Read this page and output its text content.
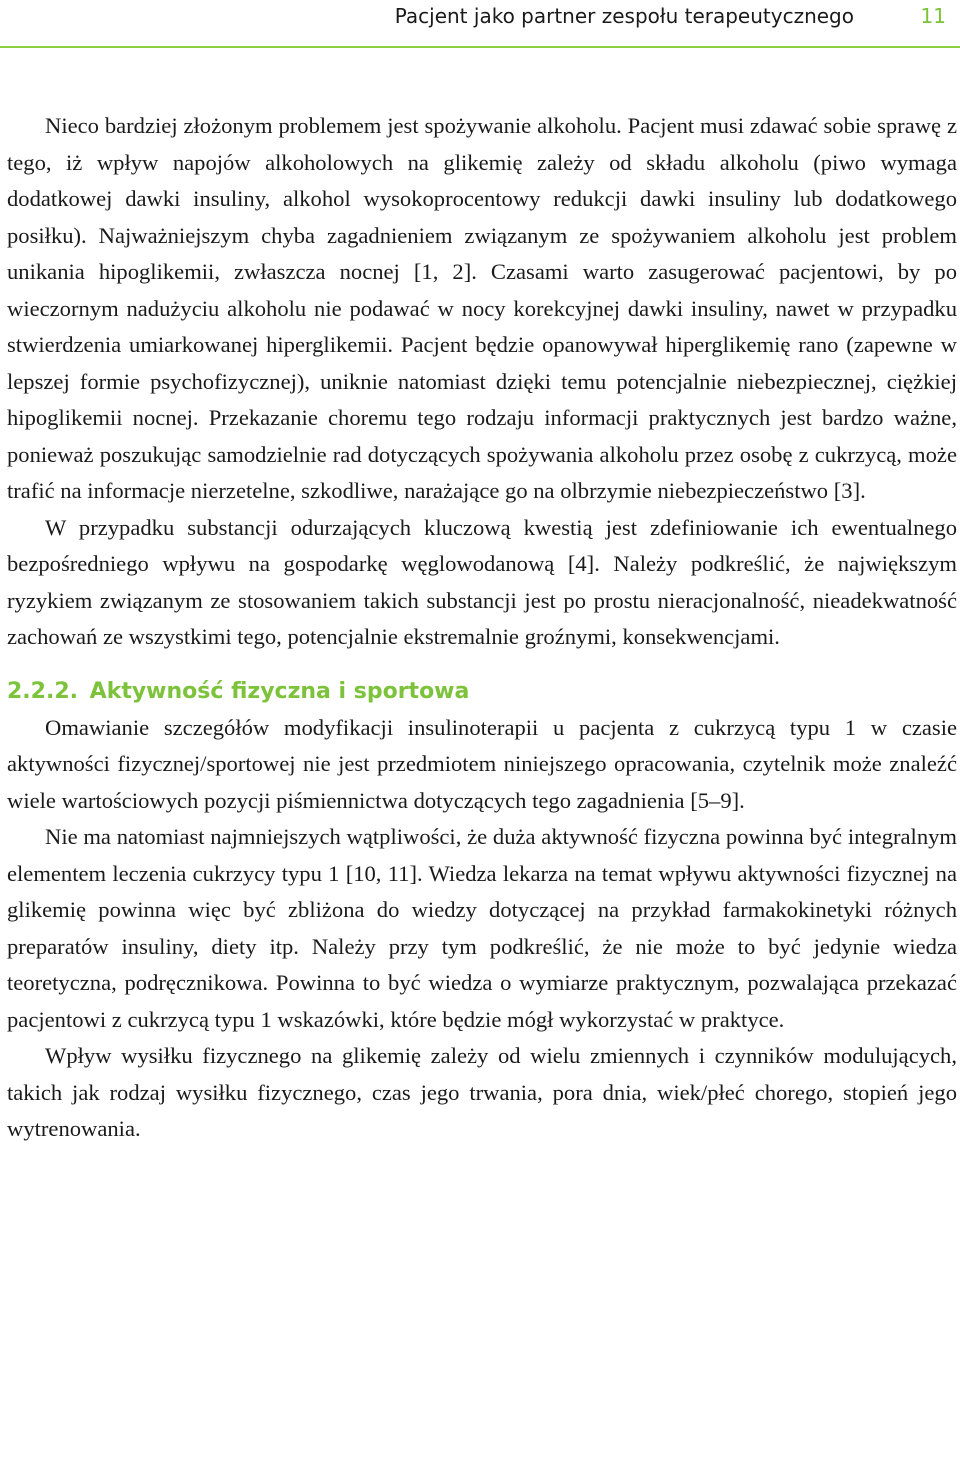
Pacjent jako partner zespołu terapeutycznego	11

Nieco bardziej złożonym problemem jest spożywanie alkoholu. Pacjent musi zdawać sobie sprawę z tego, iż wpływ napojów alkoholowych na glikemię zależy od składu alkoholu (piwo wymaga dodatkowej dawki insuliny, alkohol wysokoprocentowy redukcji dawki insuliny lub dodatkowego posiłku). Najważniejszym chyba zagadnieniem związanym ze spożywaniem alkoholu jest problem unikania hipoglikemii, zwłaszcza nocnej [1, 2]. Czasami warto zasugerować pacjentowi, by po wieczornym nadużyciu alkoholu nie podawać w nocy korekcyjnej dawki insuliny, nawet w przypadku stwierdzenia umiarkowanej hiperglikemii. Pacjent będzie opanowywał hiperglikemię rano (zapewne w lepszej formie psychofizycznej), uniknie natomiast dzięki temu potencjalnie niebezpiecznej, ciężkiej hipoglikemii nocnej. Przekazanie choremu tego rodzaju informacji praktycznych jest bardzo ważne, ponieważ poszukując samodzielnie rad dotyczących spożywania alkoholu przez osobę z cukrzycą, może trafić na informacje nierzetelne, szkodliwe, narażające go na olbrzymie niebezpieczeństwo [3].

W przypadku substancji odurzających kluczową kwestią jest zdefiniowanie ich ewentualnego bezpośredniego wpływu na gospodarkę węglowodanową [4]. Należy podkreślić, że największym ryzykiem związanym ze stosowaniem takich substancji jest po prostu nieracjonalność, nieadekwatność zachowań ze wszystkimi tego, potencjalnie ekstremalnie groźnymi, konsekwencjami.

2.2.2. Aktywność fizyczna i sportowa

Omawianie szczegółów modyfikacji insulinoterapii u pacjenta z cukrzycą typu 1 w czasie aktywności fizycznej/sportowej nie jest przedmiotem niniejszego opracowania, czytelnik może znaleźć wiele wartościowych pozycji piśmiennictwa dotyczących tego zagadnienia [5–9].

Nie ma natomiast najmniejszych wątpliwości, że duża aktywność fizyczna powinna być integralnym elementem leczenia cukrzycy typu 1 [10, 11]. Wiedza lekarza na temat wpływu aktywności fizycznej na glikemię powinna więc być zbliżona do wiedzy dotyczącej na przykład farmakokinetyki różnych preparatów insuliny, diety itp. Należy przy tym podkreślić, że nie może to być jedynie wiedza teoretyczna, podręcznikowa. Powinna to być wiedza o wymiarze praktycznym, pozwalająca przekazać pacjentowi z cukrzycą typu 1 wskazówki, które będzie mógł wykorzystać w praktyce.

Wpływ wysiłku fizycznego na glikemię zależy od wielu zmiennych i czynników modulujących, takich jak rodzaj wysiłku fizycznego, czas jego trwania, pora dnia, wiek/płeć chorego, stopień jego wytrenowania.
